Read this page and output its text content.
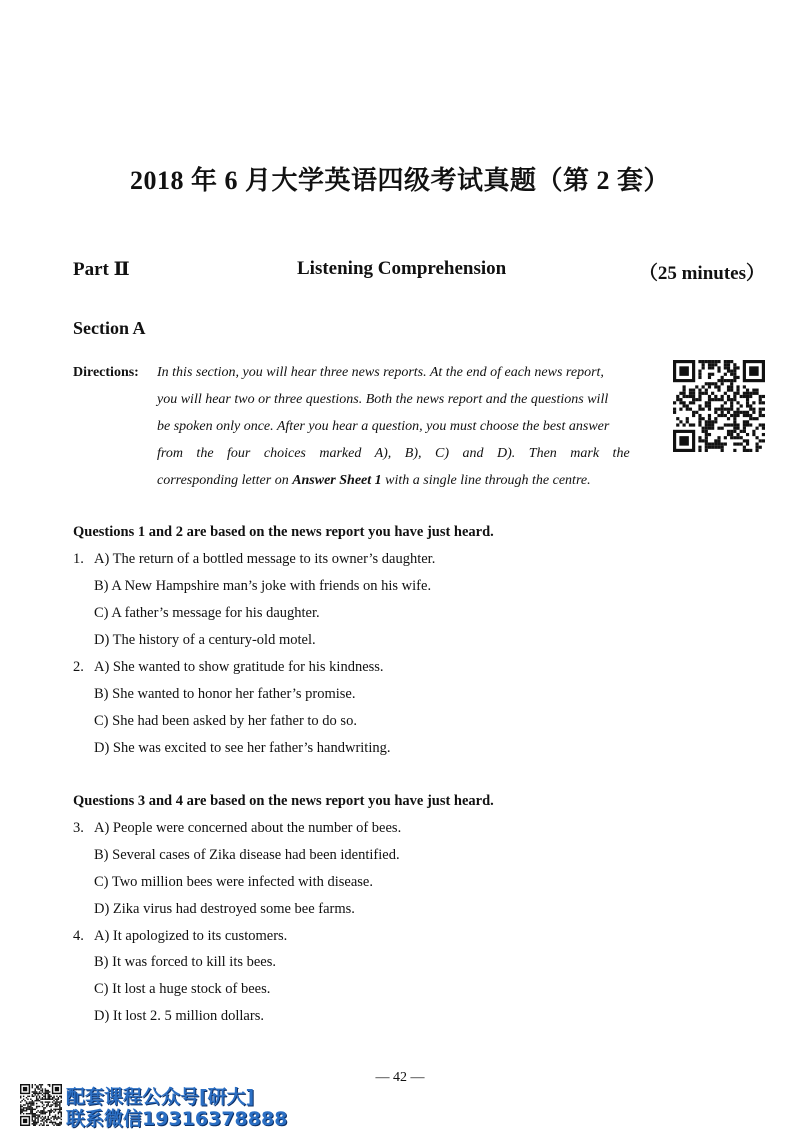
2018 年 6 月大学英语四级考试真题（第 2 套）
Part Ⅱ	Listening Comprehension	（25 minutes）
Section A
Directions: In this section, you will hear three news reports. At the end of each news report,
you will hear two or three questions. Both the news report and the questions will
be spoken only once. After you hear a question, you must choose the best answer
from the four choices marked A), B), C) and D). Then mark the
corresponding letter on Answer Sheet 1 with a single line through the centre.
Questions 1 and 2 are based on the news report you have just heard.
1. A) The return of a bottled message to its owner’s daughter.
B) A New Hampshire man’s joke with friends on his wife.
C) A father’s message for his daughter.
D) The history of a century-old motel.
2. A) She wanted to show gratitude for his kindness.
B) She wanted to honor her father’s promise.
C) She had been asked by her father to do so.
D) She was excited to see her father’s handwriting.
Questions 3 and 4 are based on the news report you have just heard.
3. A) People were concerned about the number of bees.
B) Several cases of Zika disease had been identified.
C) Two million bees were infected with disease.
D) Zika virus had destroyed some bee farms.
4. A) It apologized to its customers.
B) It was forced to kill its bees.
C) It lost a huge stock of bees.
D) It lost 2. 5 million dollars.
— 42 —
配套课程公众号[研大]
联系微信19316378888
